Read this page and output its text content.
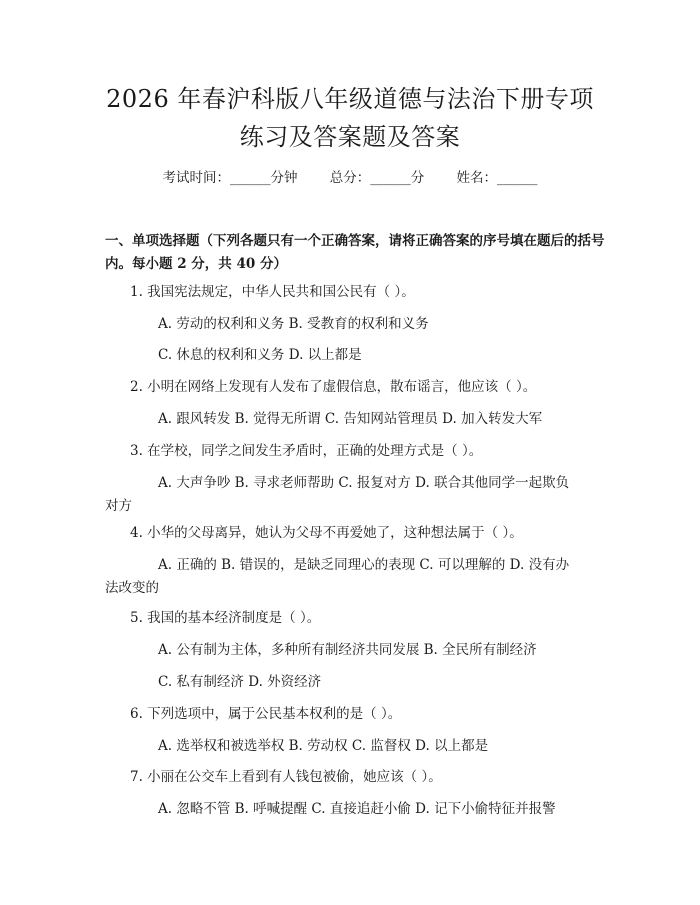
2026 年春沪科版八年级道德与法治下册专项
练习及答案题及答案
考试时间：______分钟 总分：______分 姓名：______
一、单项选择题（下列各题只有一个正确答案，请将正确答案的序号填在题后的括号内。每小题 2 分，共 40 分）
1. 我国宪法规定，中华人民共和国公民有（ ）。
A. 劳动的权利和义务 B. 受教育的权利和义务
C. 休息的权利和义务 D. 以上都是
2. 小明在网络上发现有人发布了虚假信息，散布谣言，他应该（ ）。
A. 跟风转发 B. 觉得无所谓 C. 告知网站管理员 D. 加入转发大军
3. 在学校，同学之间发生矛盾时，正确的处理方式是（ ）。
A. 大声争吵 B. 寻求老师帮助 C. 报复对方 D. 联合其他同学一起欺负
对方
4. 小华的父母离异，她认为父母不再爱她了，这种想法属于（ ）。
A. 正确的 B. 错误的，是缺乏同理心的表现 C. 可以理解的 D. 没有办
法改变的
5. 我国的基本经济制度是（ ）。
A. 公有制为主体，多种所有制经济共同发展 B. 全民所有制经济
C. 私有制经济 D. 外资经济
6. 下列选项中，属于公民基本权利的是（ ）。
A. 选举权和被选举权 B. 劳动权 C. 监督权 D. 以上都是
7. 小丽在公交车上看到有人钱包被偷，她应该（ ）。
A. 忽略不管 B. 呼喊提醒 C. 直接追赶小偷 D. 记下小偷特征并报警
